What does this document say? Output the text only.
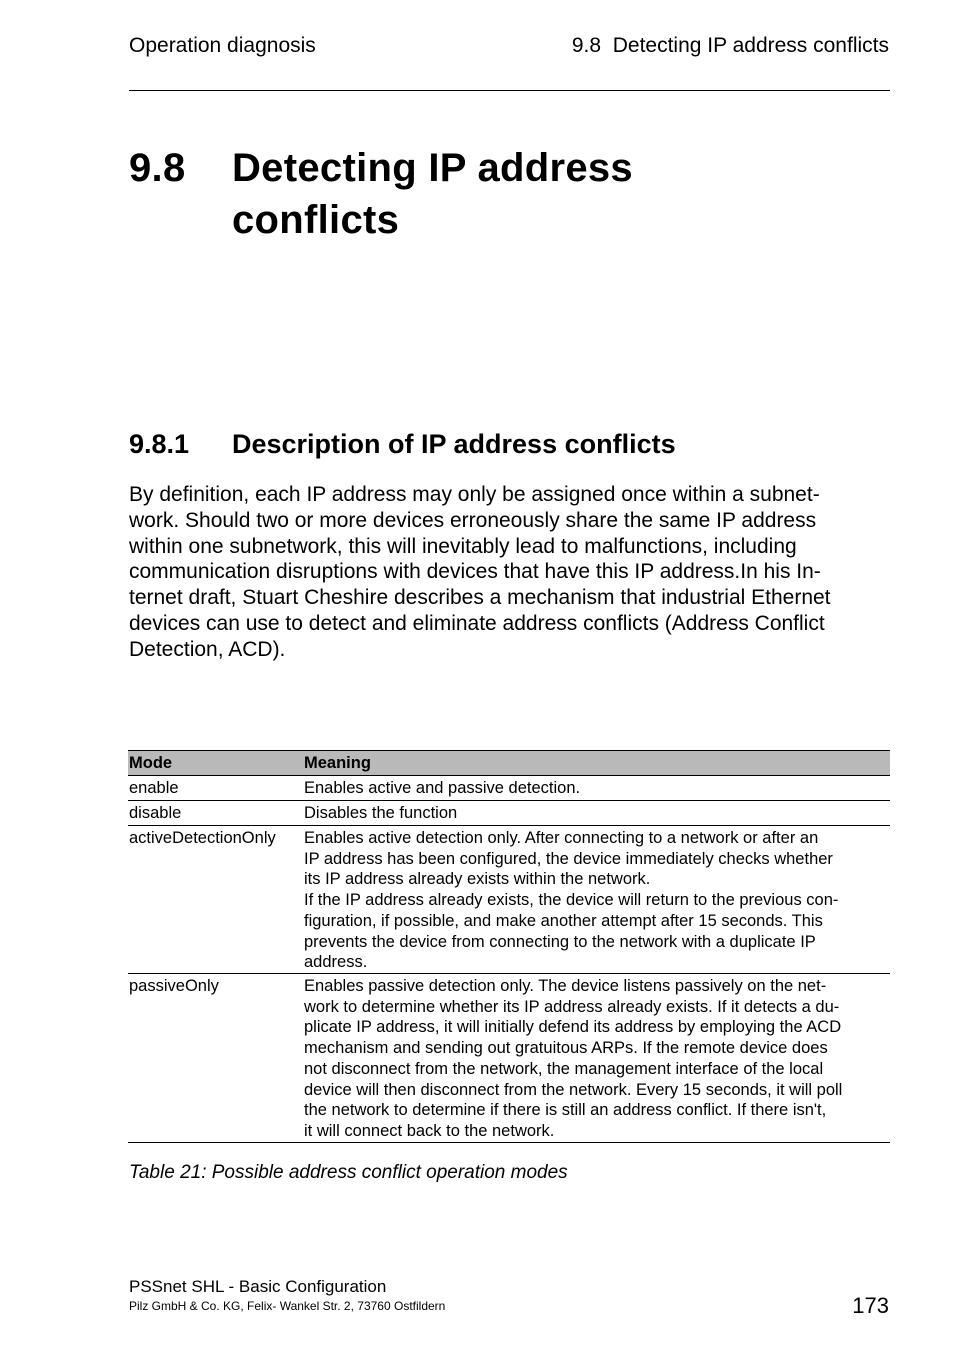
Operation diagnosis	9.8  Detecting IP address conflicts
9.8 Detecting IP address
conflicts
9.8.1 Description of IP address conflicts
By definition, each IP address may only be assigned once within a subnet-
work. Should two or more devices erroneously share the same IP address
within one subnetwork, this will inevitably lead to malfunctions, including
communication disruptions with devices that have this IP address.In his In-
ternet draft, Stuart Cheshire describes a mechanism that industrial Ethernet
devices can use to detect and eliminate address conflicts (Address Conflict
Detection, ACD).
Mode	Meaning
enable	Enables active and passive detection.
disable	Disables the function
activeDetectionOnly Enables active detection only. After connecting to a network or after an
IP address has been configured, the device immediately checks whether
its IP address already exists within the network.
If the IP address already exists, the device will return to the previous con-
figuration, if possible, and make another attempt after 15 seconds. This
prevents the device from connecting to the network with a duplicate IP
address.
passiveOnly	Enables passive detection only. The device listens passively on the net-
work to determine whether its IP address already exists. If it detects a du-
plicate IP address, it will initially defend its address by employing the ACD
mechanism and sending out gratuitous ARPs. If the remote device does
not disconnect from the network, the management interface of the local
device will then disconnect from the network. Every 15 seconds, it will poll
the network to determine if there is still an address conflict. If there isn't,
it will connect back to the network.
Table 21: Possible address conflict operation modes
PSSnet SHL - Basic Configuration
Pilz GmbH & Co. KG, Felix- Wankel Str. 2, 73760 Ostfildern	173
